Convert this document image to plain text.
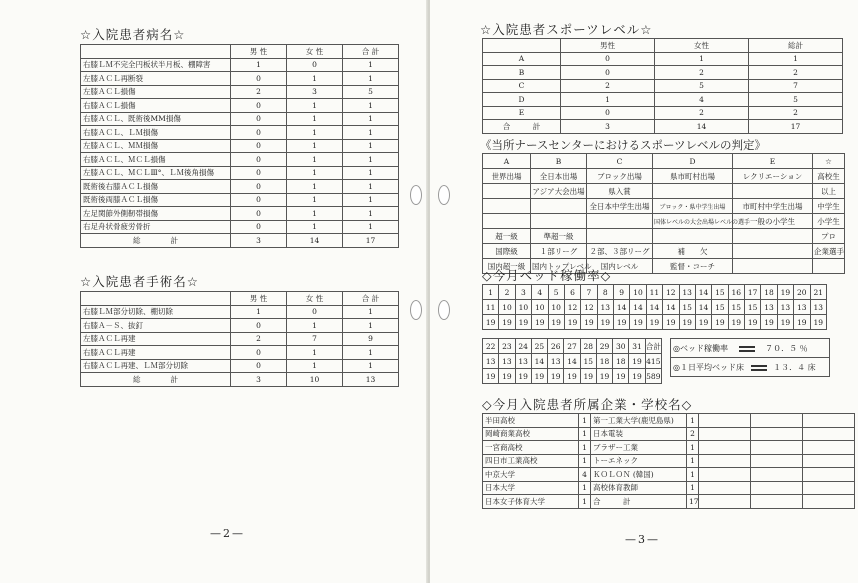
☆入院患者病名☆
	男 性	女 性	合 計
右膝ＬＭ不完全円板状半月板、棚障害	1	0	1
左膝ＡＣＬ再断裂	0	1	1
左膝ＡＣＬ損傷	2	3	5
右膝ＡＣＬ損傷	0	1	1
右膝ＡＣＬ、既術後MM損傷	0	1	1
右膝ＡＣＬ、ＬＭ損傷	0	1	1
左膝ＡＣＬ、ＭＭ損傷	0	1	1
右膝ＡＣＬ、ＭＣＬ損傷	0	1	1
左膝ＡＣＬ、ＭＣＬⅢ°、ＬＭ後角損傷	0	1	1
既術後右膝ＡＣＬ損傷	0	1	1
既術後両膝ＡＣＬ損傷	0	1	1
左足関節外側靭帯損傷	0	1	1
右足舟状骨疲労骨折	0	1	1
総　　　　計	3	14	17
☆入院患者手術名☆
	男 性	女 性	合 計
右膝ＬＭ部分切除、棚切除	1	0	1
右膝Ａ－Ｓ、抜釘	0	1	1
左膝ＡＣＬ再建	2	7	9
右膝ＡＣＬ再建	0	1	1
右膝ＡＣＬ再建、ＬＭ部分切除	0	1	1
総　　　　計	3	10	13
—2—
☆入院患者スポーツレベル☆
	男性	女性	総計
A	0	1	1
B	0	2	2
C	2	5	7
D	1	4	5
E	0	2	2
合　　　計	3	14	17
《当所ナースセンターにおけるスポーツレベルの判定》
A	B	C	D	E	☆
世界出場	全日本出場	ブロック出場	県市町村出場	レクリエーション	高校生
	アジア大会出場	県入賞			以上
		全日本中学生出場	ブロック・県中学生出場	市町村中学生出場	中学生
			国体レベルの大会出場レベルの選手	一般の小学生	小学生
超一級	準超一級				プロ
国際級	１部リーグ	２部、３部リーグ	補　　欠		企業選手
国内超一級	国内トップレベル	国内レベル	監督・コーチ		
◇今月ベッド稼働率◇
1	2	3	4	5	6	7	8	9	10	11	12	13	14	15	16	17	18	19	20	21
11	10	10	10	10	12	12	13	14	14	14	14	15	14	15	15	15	13	13	13	13
19	19	19	19	19	19	19	19	19	19	19	19	19	19	19	19	19	19	19	19	19
22	23	24	25	26	27	28	29	30	31	合計
13	13	13	14	13	14	15	18	18	19	415
19	19	19	19	19	19	19	19	19	19	589
◎ベッド稼働率	７０．５ ％
◎１日平均ベッド床	１３．４ 床
◇今月入院患者所属企業・学校名◇
半田高校	1	第一工業大学(鹿児島県)	1			
岡崎商業高校	1	日本電装	2			
一宮商高校	1	ブラザー工業	1			
四日市工業高校	1	トーエネック	1			
中京大学	4	ＫＯＬＯＮ (韓国)	1			
日本大学	1	高校体育教師	1			
日本女子体育大学	1	合　　　計	17			
—3—
